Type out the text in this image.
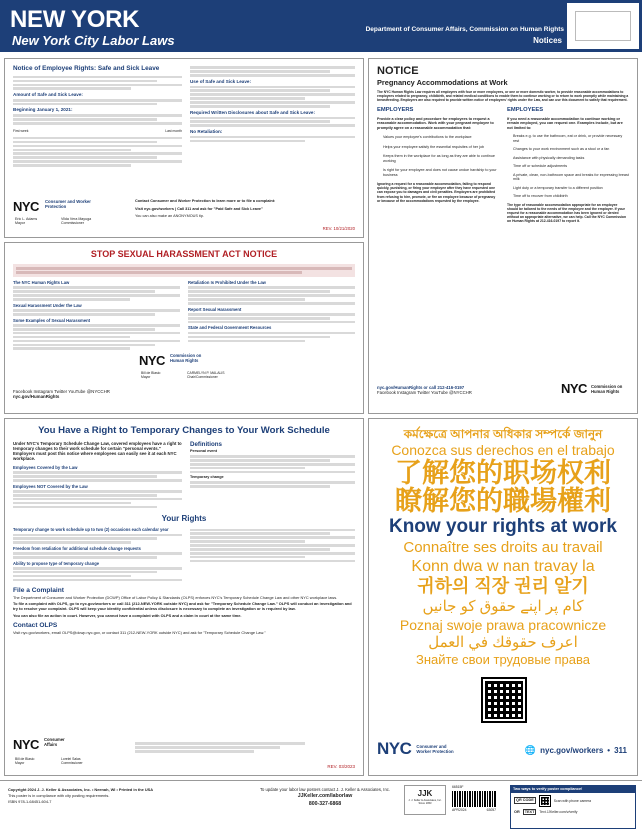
NEW YORK
New York City Labor Laws
Department of Consumer Affairs, Commission on Human Rights
Notices
Notice of Employee Rights: Safe and Sick Leave
Amount of Safe and Sick Leave:
Beginning January 1, 2021:
First week	Last month
Use of Safe and Sick Leave:
Required Written Disclosures about Safe and Sick Leave:
No Retaliation:
NYC Consumer and Worker Protection
Eric L. Adams
Mayor
Vilda Vera Mayuga
Commissioner
Contact Consumer and Worker Protection to learn more or to file a complaint:
Visit nyc.gov/workers | Call 311 and ask for "Paid Safe and Sick Leave"
You can also make an ANONYMOUS tip.
REV. 10/21/2020
STOP SEXUAL HARASSMENT ACT NOTICE
The NYC Human Rights Law
Sexual Harassment Under the Law
Some Examples of Sexual Harassment
Retaliation Is Prohibited Under the Law
Report Sexual Harassment
State and Federal Government Resources
NYC Commission on Human Rights
Bill de Blasio
Mayor
CARMELYN P. MALALIS
Chair/Commissioner
Facebook Instagram Twitter YouTube @NYCCHR
nyc.gov/HumanRights
NOTICE
Pregnancy Accommodations at Work
The NYC Human Rights Law requires all employers with four or more employees, or one or more domestic worker, to provide reasonable accommodations to employees related to pregnancy, childbirth, and related medical conditions to enable them to continue working or to return to work promptly while maintaining a breastfeeding. Employers are also required to provide written notice of employees' rights under the Law, and can use this document to satisfy that requirement.
EMPLOYERS
Provide a clear policy and procedure for employees to request a reasonable accommodation. Work with your pregnant employee to promptly agree on a reasonable accommodation that:
Values your employee's contributions to the workplace
Helps your employee satisfy the essential requisites of her job
Keeps them in the workplace for as long as they are able to continue working
Is right for your employee and does not cause undue hardship to your business
Ignoring a request for a reasonable accommodation, failing to respond quickly, punishing, or firing your employee after they have requested one can expose you to damages and civil penalties. Employers are prohibited from refusing to hire, promote, or fire an employee because of pregnancy or because of the accommodations requested by the employee.
EMPLOYEES
If you need a reasonable accommodation to continue working or remain employed, you can request one. Examples include, but are not limited to:
Breaks e.g. to use the bathroom, eat or drink, or provide necessary rest
Changes to your work environment such as a stool or a fan
Assistance with physically demanding tasks
Time off or schedule adjustments
A private, clean, non-bathroom space and breaks for expressing breast milk
Light duty or a temporary transfer to a different position
Time off to recover from childbirth
The type of reasonable accommodation appropriate for an employee should be tailored to the needs of the employee and the employer. If your request for a reasonable accommodation has been ignored or denied without an appropriate alternative, we can help. Call the NYC Commission on Human Rights at 212-416-0197 to report it.
nyc.gov/HumanRights or call 212-416-0197
Facebook Instagram Twitter YouTube @NYCCHR	NYC Commission on Human Rights
কর্মক্ষেত্রে আপনার অধিকার সম্পর্কে জানুন
Conozca sus derechos en el trabajo
了解您的职场权利
瞭解您的職場權利
Know your rights at work
Connaître ses droits au travail
Konn dwa w nan travay la
귀하의 직장 권리 알기
کام پر اپنے حقوق کو جانیں
Poznaj swoje prawa pracownicze
اعرف حقوقك في العمل
Знайте свои трудовые права
NYC Consumer and Worker Protection	🌐 nyc.gov/workers • 311
You Have a Right to Temporary Changes to Your Work Schedule
Under NYC's Temporary Schedule Change Law, covered employees have a right to temporary changes to their work schedule for certain "personal events." Employers must post this notice where employees can easily see it at each NYC workplace.
Employees Covered by the Law
Employees NOT Covered by the Law
Definitions
Personal event
Temporary change
Your Rights
Temporary change to work schedule up to two (2) occasions each calendar year
Freedom from retaliation for additional schedule change requests
Ability to propose type of temporary change
File a Complaint
The Department of Consumer and Worker Protection (DCWP) Office of Labor Policy & Standards (OLPS) enforces NYC's Temporary Schedule Change Law and other NYC workplace laws.
To file a complaint with OLPS, go to nyc.gov/workers or call 311 (212-NEW-YORK outside NYC) and ask for "Temporary Schedule Change Law." OLPS will conduct an investigation and try to resolve your complaint. OLPS will keep your identity confidential unless disclosure is necessary to complete an investigation or is required by law.
You can also file an action in court. However, you cannot have a complaint with OLPS and a claim in court at the same time.
Contact OLPS
Visit nyc.gov/workers, email OLPS@dcwp.nyc.gov, or contact 311 (212-NEW-YORK outside NYC) and ask for "Temporary Schedule Change Law."
NYC Consumer Affairs
Bill de Blasio
Mayor
Lorelei Salas
Commissioner
REV. 03/2023
Copyright 2024 J. J. Keller & Associates, Inc. • Neenah, WI • Printed in the USA
This poster is in compliance with city posting requirements.
ISBN 978-1-68451-604-7
To update your labor law posters contact J. J. Keller & Associates, Inc.
JJKeller.com/laborlaw
800-327-6868
JJK
J. J. Keller & Associates, Inc.
Since 1953
66515F
APR2024	63057
Two ways to verify poster compliance!
QR CODE	Scan with phone camera
OR	TEXT	Text JJKeller.com/v/verify
